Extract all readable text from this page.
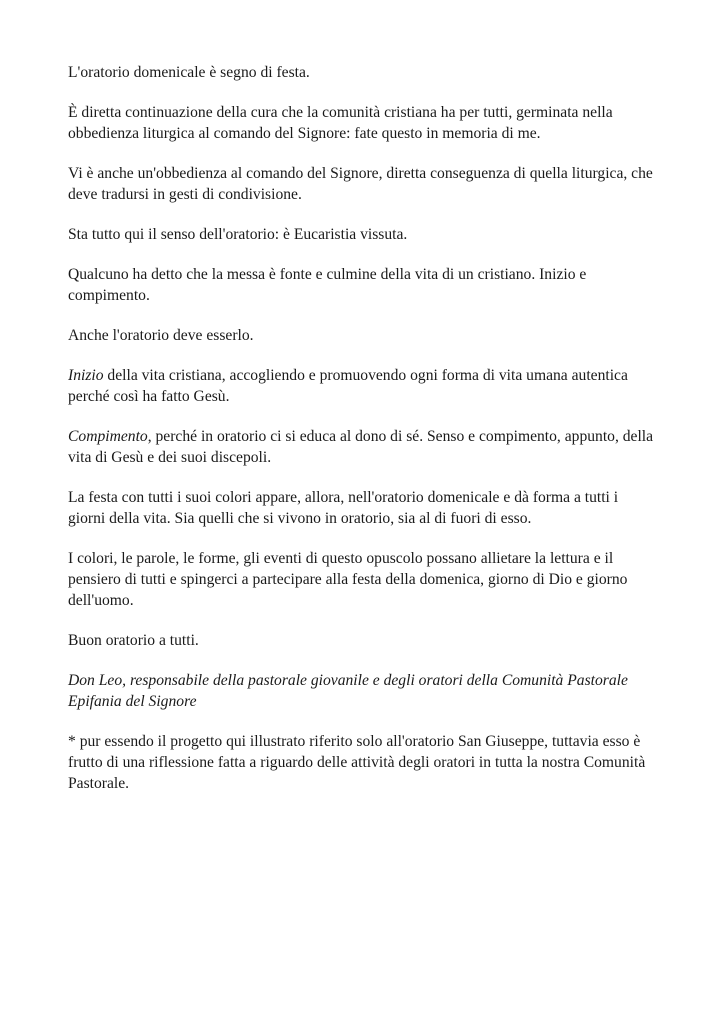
L'oratorio domenicale è segno di festa.

È diretta continuazione della cura che la comunità cristiana ha per tutti, germinata nella obbedienza liturgica al comando del Signore: fate questo in memoria di me.

Vi è anche un'obbedienza al comando del Signore, diretta conseguenza di quella liturgica, che deve tradursi in gesti di condivisione.

Sta tutto qui il senso dell'oratorio: è Eucaristia vissuta.

Qualcuno ha detto che la messa è fonte e culmine della vita di un cristiano. Inizio e compimento.

Anche l'oratorio deve esserlo.

Inizio della vita cristiana, accogliendo e promuovendo ogni forma di vita umana autentica perché così ha fatto Gesù.

Compimento, perché in oratorio ci si educa al dono di sé. Senso e compimento, appunto, della vita di Gesù e dei suoi discepoli.

La festa con tutti i suoi colori appare, allora, nell'oratorio domenicale e dà forma a tutti i giorni della vita. Sia quelli che si vivono in oratorio, sia al di fuori di esso.

I colori, le parole, le forme, gli eventi di questo opuscolo possano allietare la lettura e il pensiero di tutti e spingerci a partecipare alla festa della domenica, giorno di Dio e giorno dell'uomo.

Buon oratorio a tutti.

Don Leo, responsabile della pastorale giovanile e degli oratori della Comunità Pastorale Epifania del Signore

* pur essendo il progetto qui illustrato riferito solo all'oratorio San Giuseppe, tuttavia esso è frutto di una riflessione fatta a riguardo delle attività degli oratori in tutta la nostra Comunità Pastorale.
